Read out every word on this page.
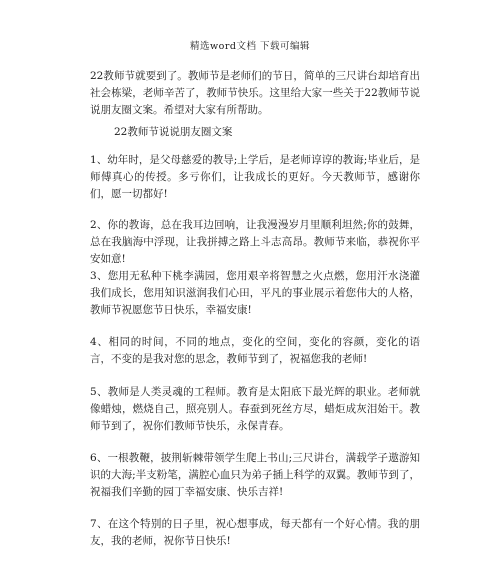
精选word文档 下载可编辑
22教师节就要到了。教师节是老师们的节日，简单的三尺讲台却培育出社会栋梁，老师辛苦了，教师节快乐。这里给大家一些关于22教师节说说朋友圈文案。希望对大家有所帮助。
22教师节说说朋友圈文案
1、幼年时，是父母慈爱的教导;上学后，是老师谆谆的教诲;毕业后，是师傅真心的传授。多亏你们，让我成长的更好。今天教师节，感谢你们，愿一切都好!
2、你的教诲，总在我耳边回响，让我漫漫岁月里顺利坦然;你的鼓舞，总在我脑海中浮现，让我拼搏之路上斗志高昂。教师节来临，恭祝你平安如意!
3、您用无私种下桃李满园，您用艰辛将智慧之火点燃，您用汗水浇灌我们成长，您用知识滋润我们心田，平凡的事业展示着您伟大的人格，教师节祝愿您节日快乐，幸福安康!
4、相同的时间，不同的地点，变化的空间，变化的容颜，变化的语言，不变的是我对您的思念，教师节到了，祝福您我的老师!
5、教师是人类灵魂的工程师。教育是太阳底下最光辉的职业。老师就像蜡烛，燃烧自己，照亮别人。春蚕到死丝方尽，蜡炬成灰泪始干。教师节到了，祝你们教师节快乐，永保青春。
6、一根教鞭，披荆斩棘带领学生爬上书山;三尺讲台，满载学子遨游知识的大海;半支粉笔，满腔心血只为弟子插上科学的双翼。教师节到了，祝福我们辛勤的园丁幸福安康、快乐吉祥!
7、在这个特别的日子里，祝心想事成，每天都有一个好心情。我的朋友，我的老师，祝你节日快乐!
